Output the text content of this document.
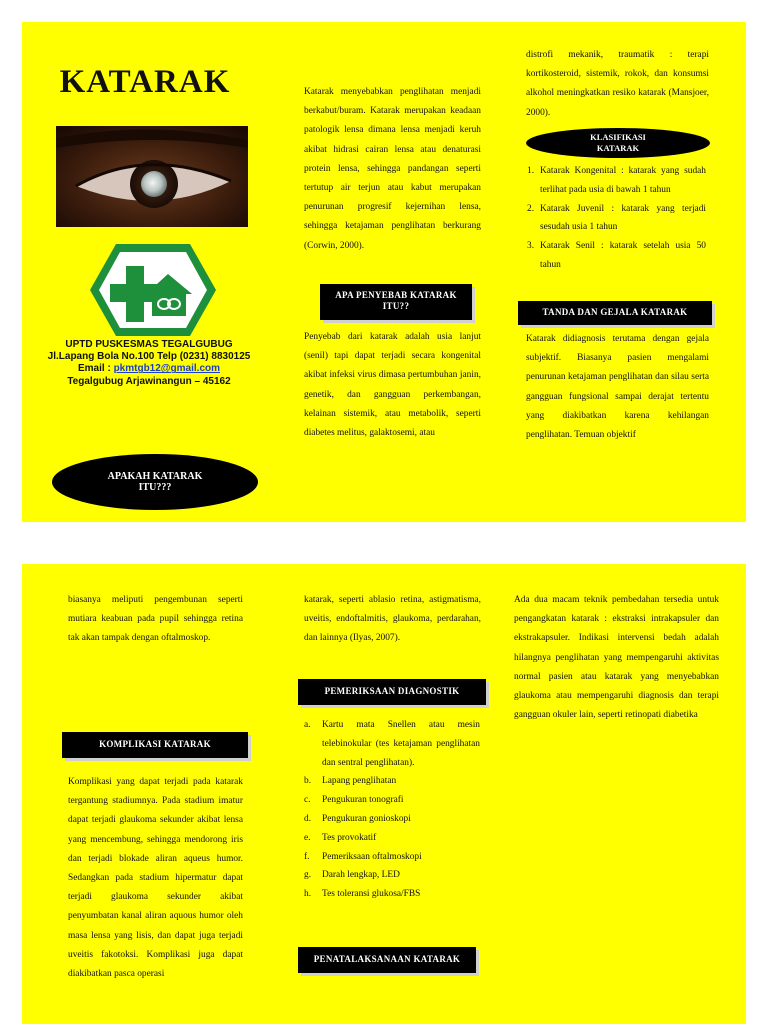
KATARAK
UPTD PUSKESMAS TEGALGUBUG
Jl.Lapang Bola No.100 Telp (0231) 8830125
Email : pkmtgb12@gmail.com
Tegalgubug Arjawinangun – 45162
APAKAH KATARAK ITU???

Katarak menyebabkan penglihatan menjadi berkabut/buram. Katarak merupakan keadaan patologik lensa dimana lensa menjadi keruh akibat hidrasi cairan lensa atau denaturasi protein lensa, sehingga pandangan seperti tertutup air terjun atau kabut merupakan penurunan progresif kejernihan lensa, sehingga ketajaman penglihatan berkurang (Corwin, 2000).

APA PENYEBAB KATARAK ITU??

Penyebab dari katarak adalah usia lanjut (senil) tapi dapat terjadi secara kongenital akibat infeksi virus dimasa pertumbuhan janin, genetik, dan gangguan perkembangan, kelainan sistemik, atau metabolik, seperti diabetes melitus, galaktosemi, atau

distrofi mekanik, traumatik : terapi kortikosteroid, sistemik, rokok, dan konsumsi alkohol meningkatkan resiko katarak (Mansjoer, 2000).

KLASIFIKASI KATARAK
1. Katarak Kongenital : katarak yang sudah terlihat pada usia di bawah 1 tahun
2. Katarak Juvenil : katarak yang terjadi sesudah usia 1 tahun
3. Katarak Senil : katarak setelah usia 50 tahun
TANDA DAN GEJALA KATARAK

Katarak didiagnosis terutama dengan gejala subjektif. Biasanya pasien mengalami penurunan ketajaman penglihatan dan silau serta gangguan fungsional sampai derajat tertentu yang diakibatkan karena kehilangan penglihatan. Temuan objektif

biasanya meliputi pengembunan seperti mutiara keabuan pada pupil sehingga retina tak akan tampak dengan oftalmoskop.

KOMPLIKASI KATARAK

Komplikasi yang dapat terjadi pada katarak tergantung stadiumnya. Pada stadium imatur dapat terjadi glaukoma sekunder akibat lensa yang mencembung, sehingga mendorong iris dan terjadi blokade aliran aqueus humor. Sedangkan pada stadium hipermatur dapat terjadi glaukoma sekunder akibat penyumbatan kanal aliran aquous humor oleh masa lensa yang lisis, dan dapat juga terjadi uveitis fakotoksi. Komplikasi juga dapat diakibatkan pasca operasi

katarak, seperti ablasio retina, astigmatisma, uveitis, endoftalmitis, glaukoma, perdarahan, dan lainnya (Ilyas, 2007).

PEMERIKSAAN DIAGNOSTIK
a. Kartu mata Snellen atau mesin telebinokular (tes ketajaman penglihatan dan sentral penglihatan).
b. Lapang penglihatan
c. Pengukuran tonografi
d. Pengukuran gonioskopi
e. Tes provokatif
f. Pemeriksaan oftalmoskopi
g. Darah lengkap, LED
h. Tes toleransi glukosa/FBS
PENATALAKSANAAN KATARAK

Ada dua macam teknik pembedahan tersedia untuk pengangkatan katarak : ekstraksi intrakapsuler dan ekstrakapsuler. Indikasi intervensi bedah adalah hilangnya penglihatan yang mempengaruhi aktivitas normal pasien atau katarak yang menyebabkan glaukoma atau mempengaruhi diagnosis dan terapi gangguan okuler lain, seperti retinopati diabetika
